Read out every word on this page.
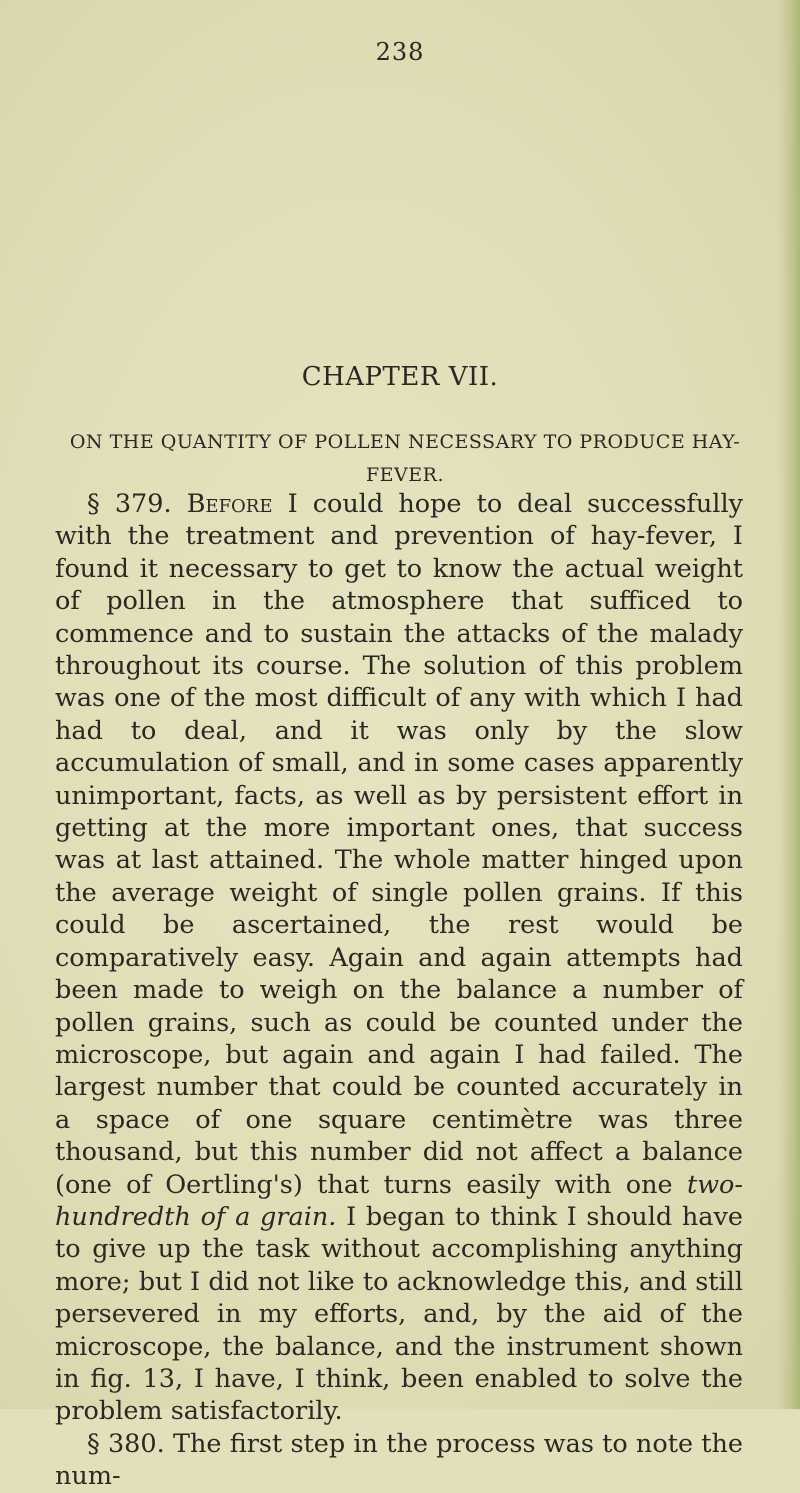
238
CHAPTER VII.
ON THE QUANTITY OF POLLEN NECESSARY TO PRODUCE HAY-FEVER.

§ 379. Before I could hope to deal successfully with the treatment and prevention of hay-fever, I found it necessary to get to know the actual weight of pollen in the atmosphere that sufficed to commence and to sustain the attacks of the malady throughout its course. The solution of this problem was one of the most difficult of any with which I had had to deal, and it was only by the slow accumulation of small, and in some cases apparently unimportant, facts, as well as by persistent effort in getting at the more important ones, that success was at last attained. The whole matter hinged upon the average weight of single pollen grains. If this could be ascertained, the rest would be comparatively easy. Again and again attempts had been made to weigh on the balance a number of pollen grains, such as could be counted under the microscope, but again and again I had failed. The largest number that could be counted accurately in a space of one square centimètre was three thousand, but this number did not affect a balance (one of Oertling's) that turns easily with one two-hundredth of a grain. I began to think I should have to give up the task without accomplishing anything more; but I did not like to acknowledge this, and still persevered in my efforts, and, by the aid of the microscope, the balance, and the instrument shown in fig. 13, I have, I think, been enabled to solve the problem satisfactorily.

§ 380. The first step in the process was to note the num-
